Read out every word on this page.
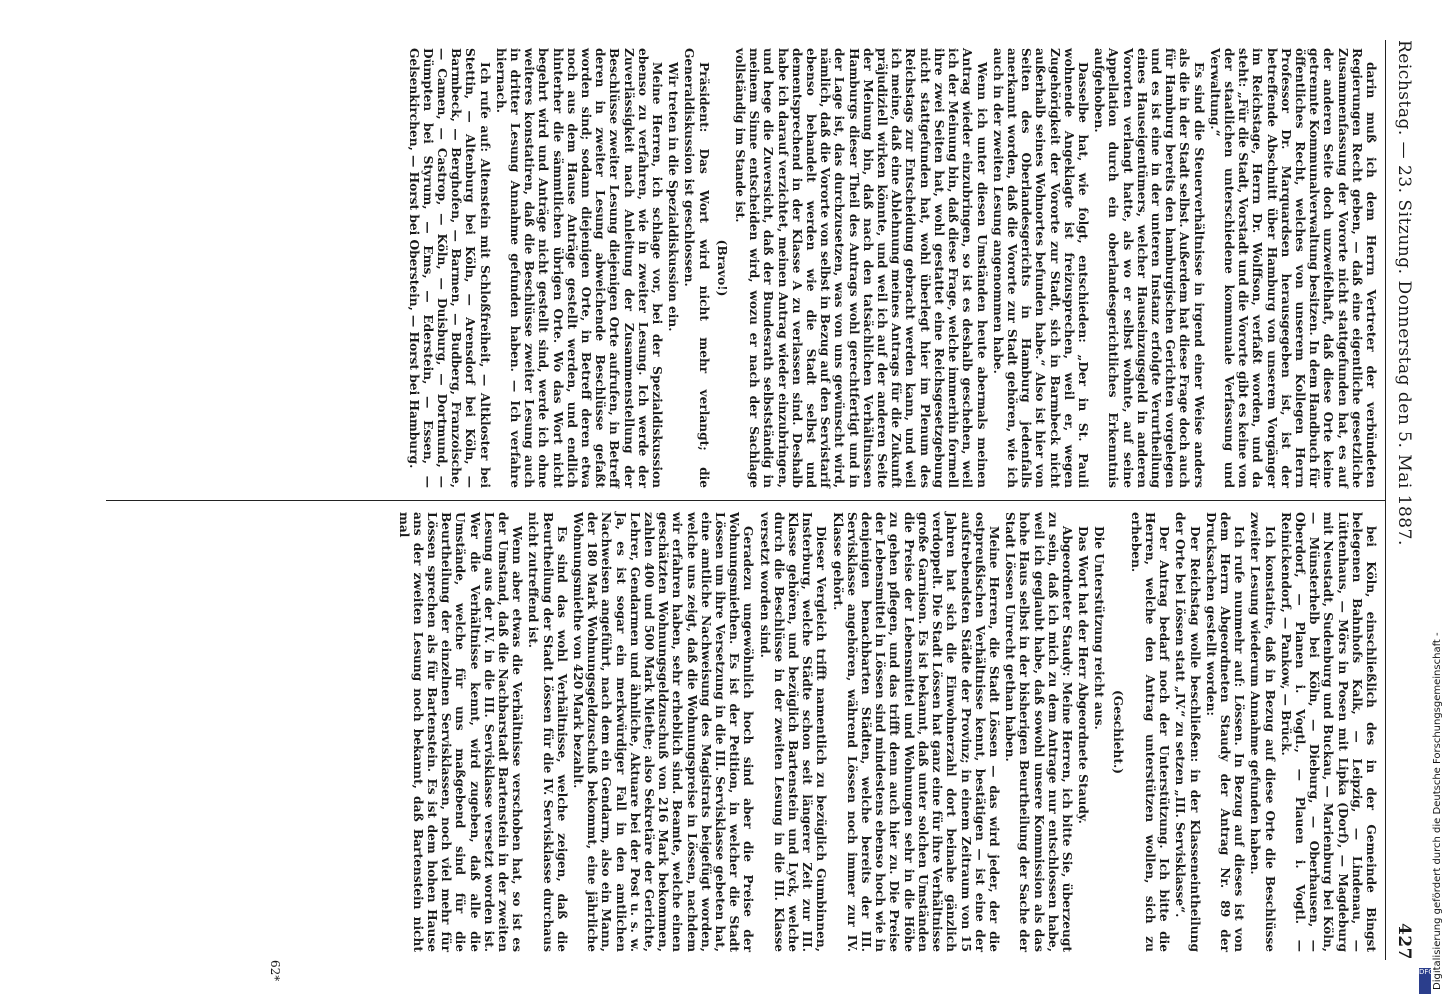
Reichstag. — 23. Sitzung. Donnerstag den 5. Mai 1887.
427

darin muß ich dem Herrn Vertreter der verbündeten Regierungen Recht geben, — daß eine eigentliche gesetzliche Zusammenfassung der Vororte nicht stattgefunden hat, es auf der anderen Seite doch unzweifelhaft, daß diese Orte keine getrennte Kommunalverwaltung besitzen. In dem Handbuch für öffentliches Recht, welches von unserem Kollegen Herrn Professor Dr. Marquardsen herausgegeben ist, ist der betreffende Abschnitt über Hamburg von unserem Vorgänger im Reichstage, Herrn Dr. Wolffson, verfaßt worden, und da steht: „Für die Stadt, Vorstadt und die Vororte gibt es keine von der staatlichen unterschiedene kommunale Verfassung und Verwaltung.“

Es sind die Steuerverhältnisse in irgend einer Weise anders als die in der Stadt selbst. Außerdem hat diese Frage doch auch für Hamburg bereits den hamburgischen Gerichten vorgelegen und es ist eine in der unteren Instanz erfolgte Verurtheilung eines Hauseigentümers, welcher Hauseinzugsgeld in anderen Vororten verlangt hatte, als wo er selbst wohnte, auf seine Appellation durch ein oberlandesgerichtliches Erkenntnis aufgehoben.

Dasselbe hat, wie folgt, entschieden: „Der in St. Pauli wohnende Angeklagte ist freizusprechen, weil er, wegen Zugehörigkeit der Vororte zur Stadt, sich in Barmbeck nicht außerhalb seines Wohnortes befunden habe.“ Also ist hier von Seiten des Oberlandesgerichts in Hamburg jedenfalls anerkannt worden, daß die Vororte zur Stadt gehören, wie ich auch in der zweiten Lesung angenommen habe.

Wenn ich unter diesen Umständen heute abermals meinen Antrag wieder einzubringen, so ist es deshalb geschehen, weil ich der Meinung bin, daß diese Frage, welche immerhin formell ihre zwei Seiten hat, wohl gestattet eine Reichsgesetzgebung nicht stattgefunden hat, wohl überlegt hier im Plenum des Reichstags zur Entscheidung gebracht werden kann, und weil ich meine, daß eine Ablehnung meines Antrags für die Zukunft präjudiziell wirken könnte, und weil ich auf der anderen Seite der Meinung bin, daß nach den tatsächlichen Verhältnissen Hamburgs dieser Theil des Antrags wohl gerechtfertigt und in der Lage ist, das durchzusetzen, was von uns gewünscht wird, nämlich, daß die Vororte von selbst in Bezug auf den Servistarif ebenso behandelt werden wie die Stadt selbst und dementsprechend in der Klasse A zu verlassen sind. Deshalb habe ich darauf verzichtet, meinen Antrag wieder einzubringen, und hege die Zuversicht, daß der Bundesrath selbstständig in meinem Sinne entscheiden wird, wozu er nach der Sachlage vollständig im Stande ist.

(Bravo!)

Präsident: Das Wort wird nicht mehr verlangt; die Generaldiskussion ist geschlossen.

Wir treten in die Spezialdiskussion ein.

Meine Herren, ich schlage vor, bei der Spezialdiskussion ebenso zu verfahren, wie in zweiter Lesung. Ich werde der Zuverlässigkeit nach Anleitung der Zusammenstellung der Beschlüsse zweiter Lesung diejenigen Orte aufrufen, in Betreff deren in zweiter Lesung abweichende Beschlüsse gefaßt worden sind; sodann diejenigen Orte, in Betreff deren etwa noch aus dem Hause Anträge gestellt werden, und endlich hinterher die sämmtlichen übrigen Orte. Wo das Wort nicht begehrt wird und Anträge nicht gestellt sind, werde ich ohne weiteres konstatiren, daß die Beschlüsse zweiter Lesung auch in dritter Lesung Annahme gefunden haben. — Ich verfahre hiernach.

Ich rufe auf: Altenstein mit Schloßfreiheit, — Altkloster bei Stettin, — Altenburg bei Köln, — Arensdorf bei Köln, — Barmbeck, — Berghofen, — Barmen, — Budberg, Franzoische, — Camen, — Castrop, — Köln, — Duisburg, — Dortmund, — Dümpten bei Styrum, — Ems, — Ederstein, — Essen, — Gelsenkirchen, — Horst bei Oberstein, — Horst bei Hamburg.

bei Köln, einschließlich des in der Gemeinde Bingst belegenen Bahnhofs Kalk, — Leipzig, — Lindenau, — Lüttenhaus, — Mörs in Posen mit Lipka (Dorf), — Magdeburg mit Neustadt, Sudenburg und Buckau, — Marienburg bei Köln, — Münsterhelb bei Köln, — Dieburg, — Oberhausen, — Oberdorf, — Planen i. Vogtl., — Plauen i. Vogtl. — Reinickendorf, — Pankow, — Brück.

Ich konstatire, daß in Bezug auf diese Orte die Beschlüsse zweiter Lesung wiederum Annahme gefunden haben.

Ich rufe nunmehr auf: Lössen. In Bezug auf dieses ist von dem Herrn Abgeordneten Staudy der Antrag Nr. 89 der Drucksachen gestellt worden:

Der Reichstag wolle beschließen: in der Klasseneintheilung der Orte bei Lössen statt „IV.“ zu setzen „III. Servisklasse“.

Der Antrag bedarf noch der Unterstützung. Ich bitte die Herren, welche den Antrag unterstützen wollen, sich zu erheben.

(Geschieht.)

Die Unterstützung reicht aus.

Das Wort hat der Herr Abgeordnete Staudy.

Abgeordneter Staudy: Meine Herren, ich bitte Sie, überzeugt zu sein, daß ich mich zu dem Antrage nur entschlossen habe, weil ich geglaubt habe, daß sowohl unsere Kommission als das hohe Haus selbst in der bisherigen Beurtheilung der Sache der Stadt Lössen Unrecht gethan haben.

Meine Herren, die Stadt Lössen — das wird jeder, der die ostpreußischen Verhältnisse kennt, bestätigen — ist eine der aufstrebendsten Städte der Provinz; in einem Zeitraum von 15 Jahren hat sich die Einwohnerzahl dort beinahe gänzlich verdoppelt. Die Stadt Lössen hat ganz eine für ihre Verhältnisse große Garnison. Es ist bekannt, daß unter solchen Umständen die Preise der Lebensmittel und Wohnungen sehr in die Höhe zu gehen pflegen, und das trifft denn auch hier zu. Die Preise der Lebensmittel in Lössen sind mindestens ebenso hoch wie in denjenigen benachbarten Städten, welche bereits der III. Servisklasse angehören, während Lössen noch immer zur IV. Klasse gehört.

Dieser Vergleich trifft namentlich zu bezüglich Gumbinnen, Insterburg, welche Städte schon seit längerer Zeit zur III. Klasse gehören, und bezüglich Bartenstein und Lyck, welche durch die Beschlüsse in der zweiten Lesung in die III. Klasse versetzt worden sind.

Geradezu ungewöhnlich hoch sind aber die Preise der Wohnungsmiethen. Es ist der Petition, in welcher die Stadt Lössen um ihre Versetzung in die III. Servisklasse gebeten hat, eine amtliche Nachweisung des Magistrats beigefügt worden, welche uns zeigt, daß die Wohnungspreise in Lössen, nachdem wir erfahren haben, sehr erheblich sind. Beamte, welche einen geschätzten Wohnungsgeldzuschuß von 216 Mark bekommen, zahlen 400 und 500 Mark Miethe; also Sekretäre der Gerichte, Lehrer, Gendarmen und ähnliche, Aktuare bei der Post u. s. w. Ja, es ist sogar ein merkwürdiger Fall in den amtlichen Nachweisen angeführt, nach dem ein Gendarm, also ein Mann, der 180 Mark Wohnungsgeldzuschuß bekommt, eine jährliche Wohnungsmiethe von 420 Mark bezahlt.

Es sind das wohl Verhältnisse, welche zeigen, daß die Beurtheilung der Stadt Lössen für die IV. Servisklasse durchaus nicht zutreffend ist.

Wenn aber etwas die Verhältnisse verschoben hat, so ist es der Umstand, daß die Nachbarstadt Bartenstein in der zweiten Lesung aus der IV. in die III. Servisklasse versetzt worden ist. Wer die Verhältnisse kennt, wird zugeben, daß alle die Umstände, welche für uns maßgebend sind für die Beurtheilung der einzelnen Servisklassen, noch viel mehr für Lössen sprechen als für Bartenstein. Es ist dem hohen Hause ans der zweiten Lesung noch bekannt, daß Bartenstein nicht mal

62*	Digitalisierung gefördert durch die Deutsche Forschungsgemeinschaft -
DFG
